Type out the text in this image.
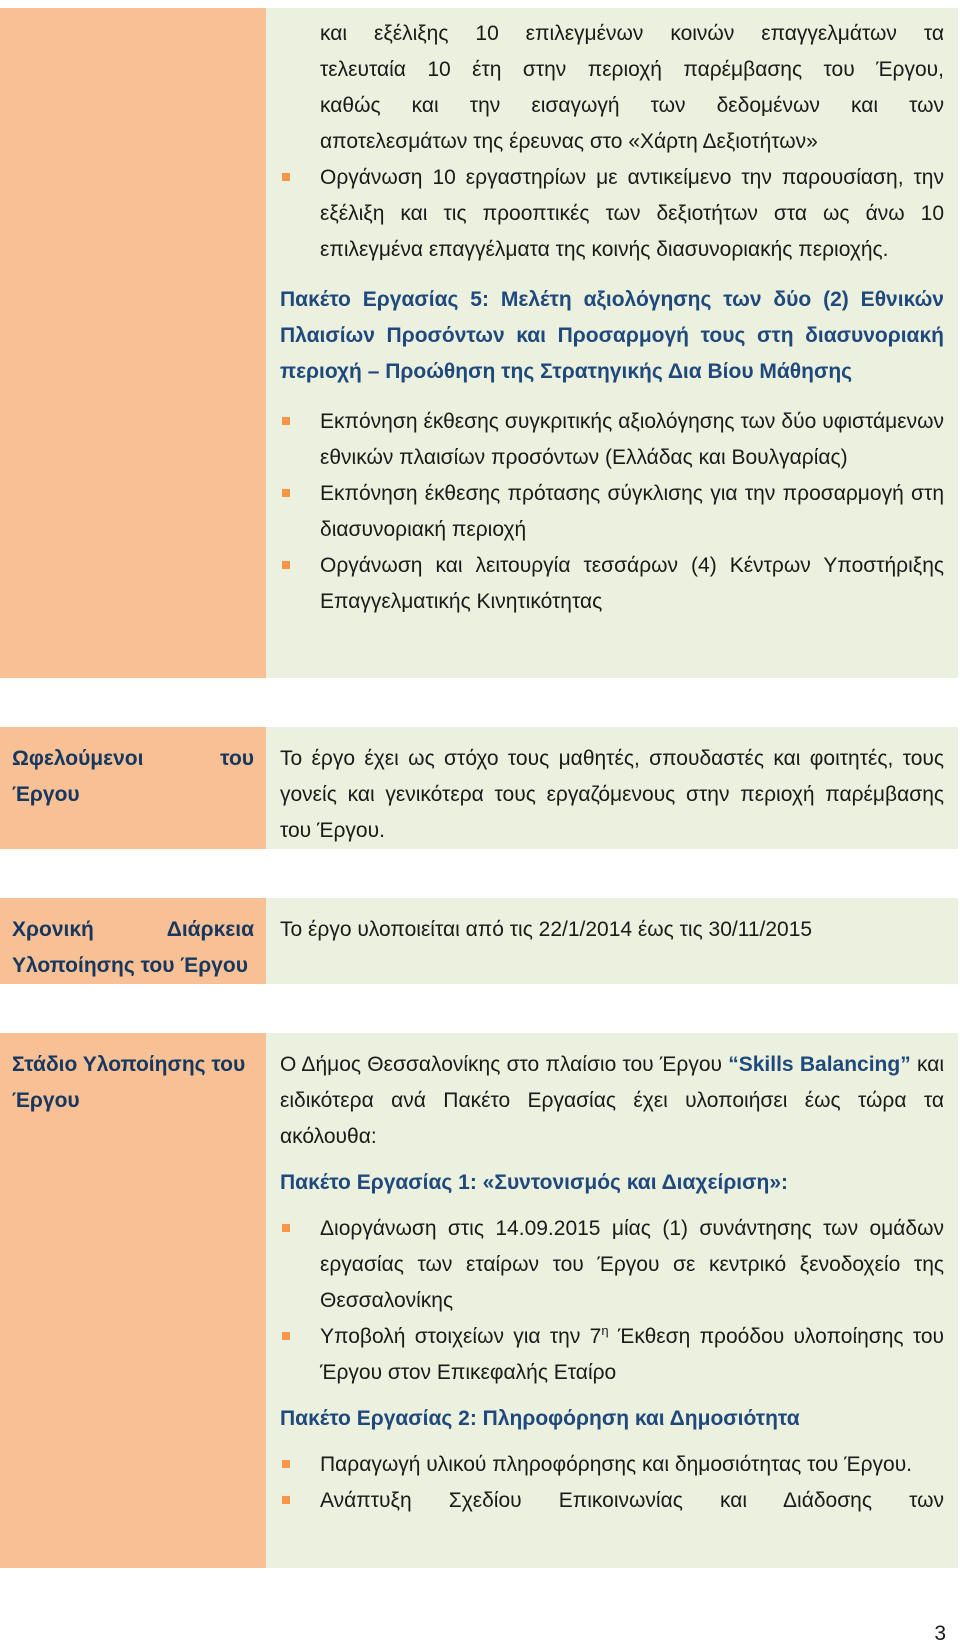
και εξέλιξης 10 επιλεγμένων κοινών επαγγελμάτων τα
τελευταία 10 έτη στην περιοχή παρέμβασης του Έργου,
καθώς και την εισαγωγή των δεδομένων και των
αποτελεσμάτων της έρευνας στο «Χάρτη Δεξιοτήτων»
Οργάνωση 10 εργαστηρίων με αντικείμενο την παρουσίαση, την εξέλιξη και τις προοπτικές των δεξιοτήτων στα ως άνω 10 επιλεγμένα επαγγέλματα της κοινής διασυνοριακής περιοχής.
Πακέτο Εργασίας 5: Μελέτη αξιολόγησης των δύο (2) Εθνικών Πλαισίων Προσόντων και Προσαρμογή τους στη διασυνοριακή περιοχή – Προώθηση της Στρατηγικής Δια Βίου Μάθησης
Εκπόνηση έκθεσης συγκριτικής αξιολόγησης των δύο υφιστάμενων εθνικών πλαισίων προσόντων (Ελλάδας και Βουλγαρίας)
Εκπόνηση έκθεσης πρότασης σύγκλισης για την προσαρμογή στη διασυνοριακή περιοχή
Οργάνωση και λειτουργία τεσσάρων (4) Κέντρων Υποστήριξης Επαγγελματικής Κινητικότητας
Ωφελούμενοι	του
Έργου
Το έργο έχει ως στόχο τους μαθητές, σπουδαστές και φοιτητές, τους γονείς και γενικότερα τους εργαζόμενους στην περιοχή παρέμβασης του Έργου.
Χρονική	Διάρκεια
Υλοποίησης του Έργου
Το έργο υλοποιείται από τις 22/1/2014 έως τις 30/11/2015
Στάδιο Υλοποίησης του
Έργου
Ο Δήμος Θεσσαλονίκης στο πλαίσιο του Έργου “Skills Balancing” και ειδικότερα ανά Πακέτο Εργασίας έχει υλοποιήσει έως τώρα τα ακόλουθα:
Πακέτο Εργασίας 1: «Συντονισμός και Διαχείριση»:
Διοργάνωση στις 14.09.2015 μίας (1) συνάντησης των ομάδων εργασίας των εταίρων του Έργου σε κεντρικό ξενοδοχείο της Θεσσαλονίκης
Υποβολή στοιχείων για την $7^\eta$ Έκθεση προόδου υλοποίησης του Έργου στον Επικεφαλής Εταίρο
Πακέτο Εργασίας 2: Πληροφόρηση και Δημοσιότητα
Παραγωγή υλικού πληροφόρησης και δημοσιότητας του Έργου.
Ανάπτυξη Σχεδίου Επικοινωνίας και Διάδοσης των
3
